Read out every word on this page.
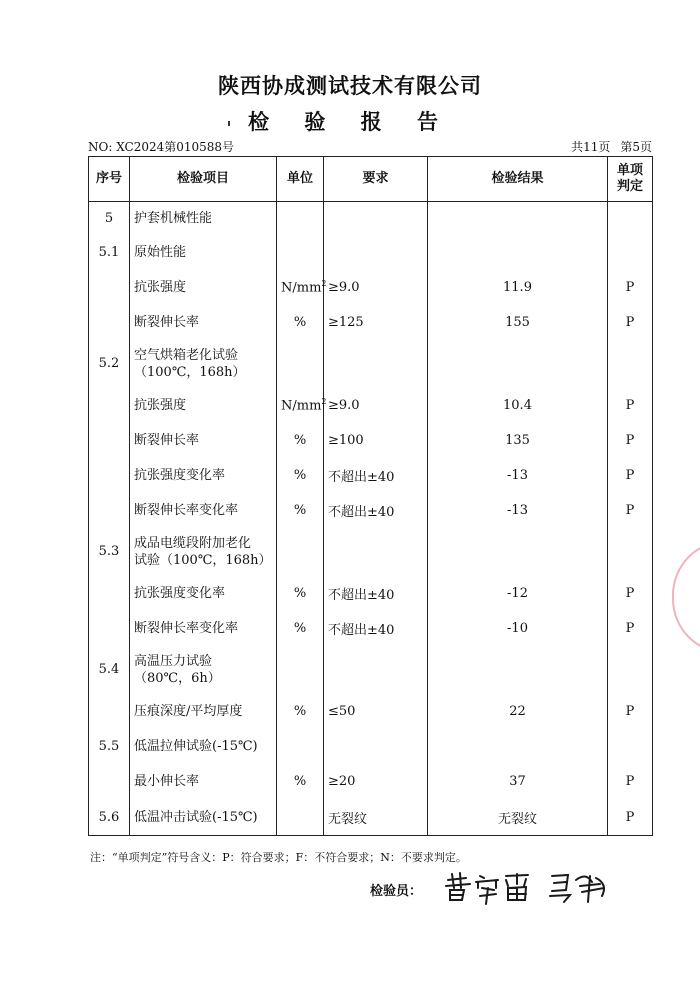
陕西协成测试技术有限公司
检 验 报 告
NO: XC2024第010588号	共11页 第5页
序号	检验项目	单位	要求	检验结果	单项判定
5	护套机械性能				

5.1	原始性能				

	抗张强度	$N/mm^2$	≥9.0	11.9	P

	断裂伸长率	%	≥125	155	P
5.2	空气烘箱老化试验
（100℃，168h）				

	抗张强度	$N/mm^2$	≥9.0	10.4	P

	断裂伸长率	%	≥100	135	P

	抗张强度变化率	%	不超出±40	-13	P

	断裂伸长率变化率	%	不超出±40	-13	P
5.3	成品电缆段附加老化
试验（100℃，168h）				

	抗张强度变化率	%	不超出±40	-12	P

	断裂伸长率变化率	%	不超出±40	-10	P
5.4	高温压力试验
（80℃，6h）				

	压痕深度/平均厚度	%	≤50	22	P
5.5	低温拉伸试验(-15℃)				

	最小伸长率	%	≥20	37	P
5.6	低温冲击试验(-15℃)		无裂纹	无裂纹	P
注：“单项判定”符号含义：P：符合要求；F：不符合要求；N：不要求判定。
检验员：
